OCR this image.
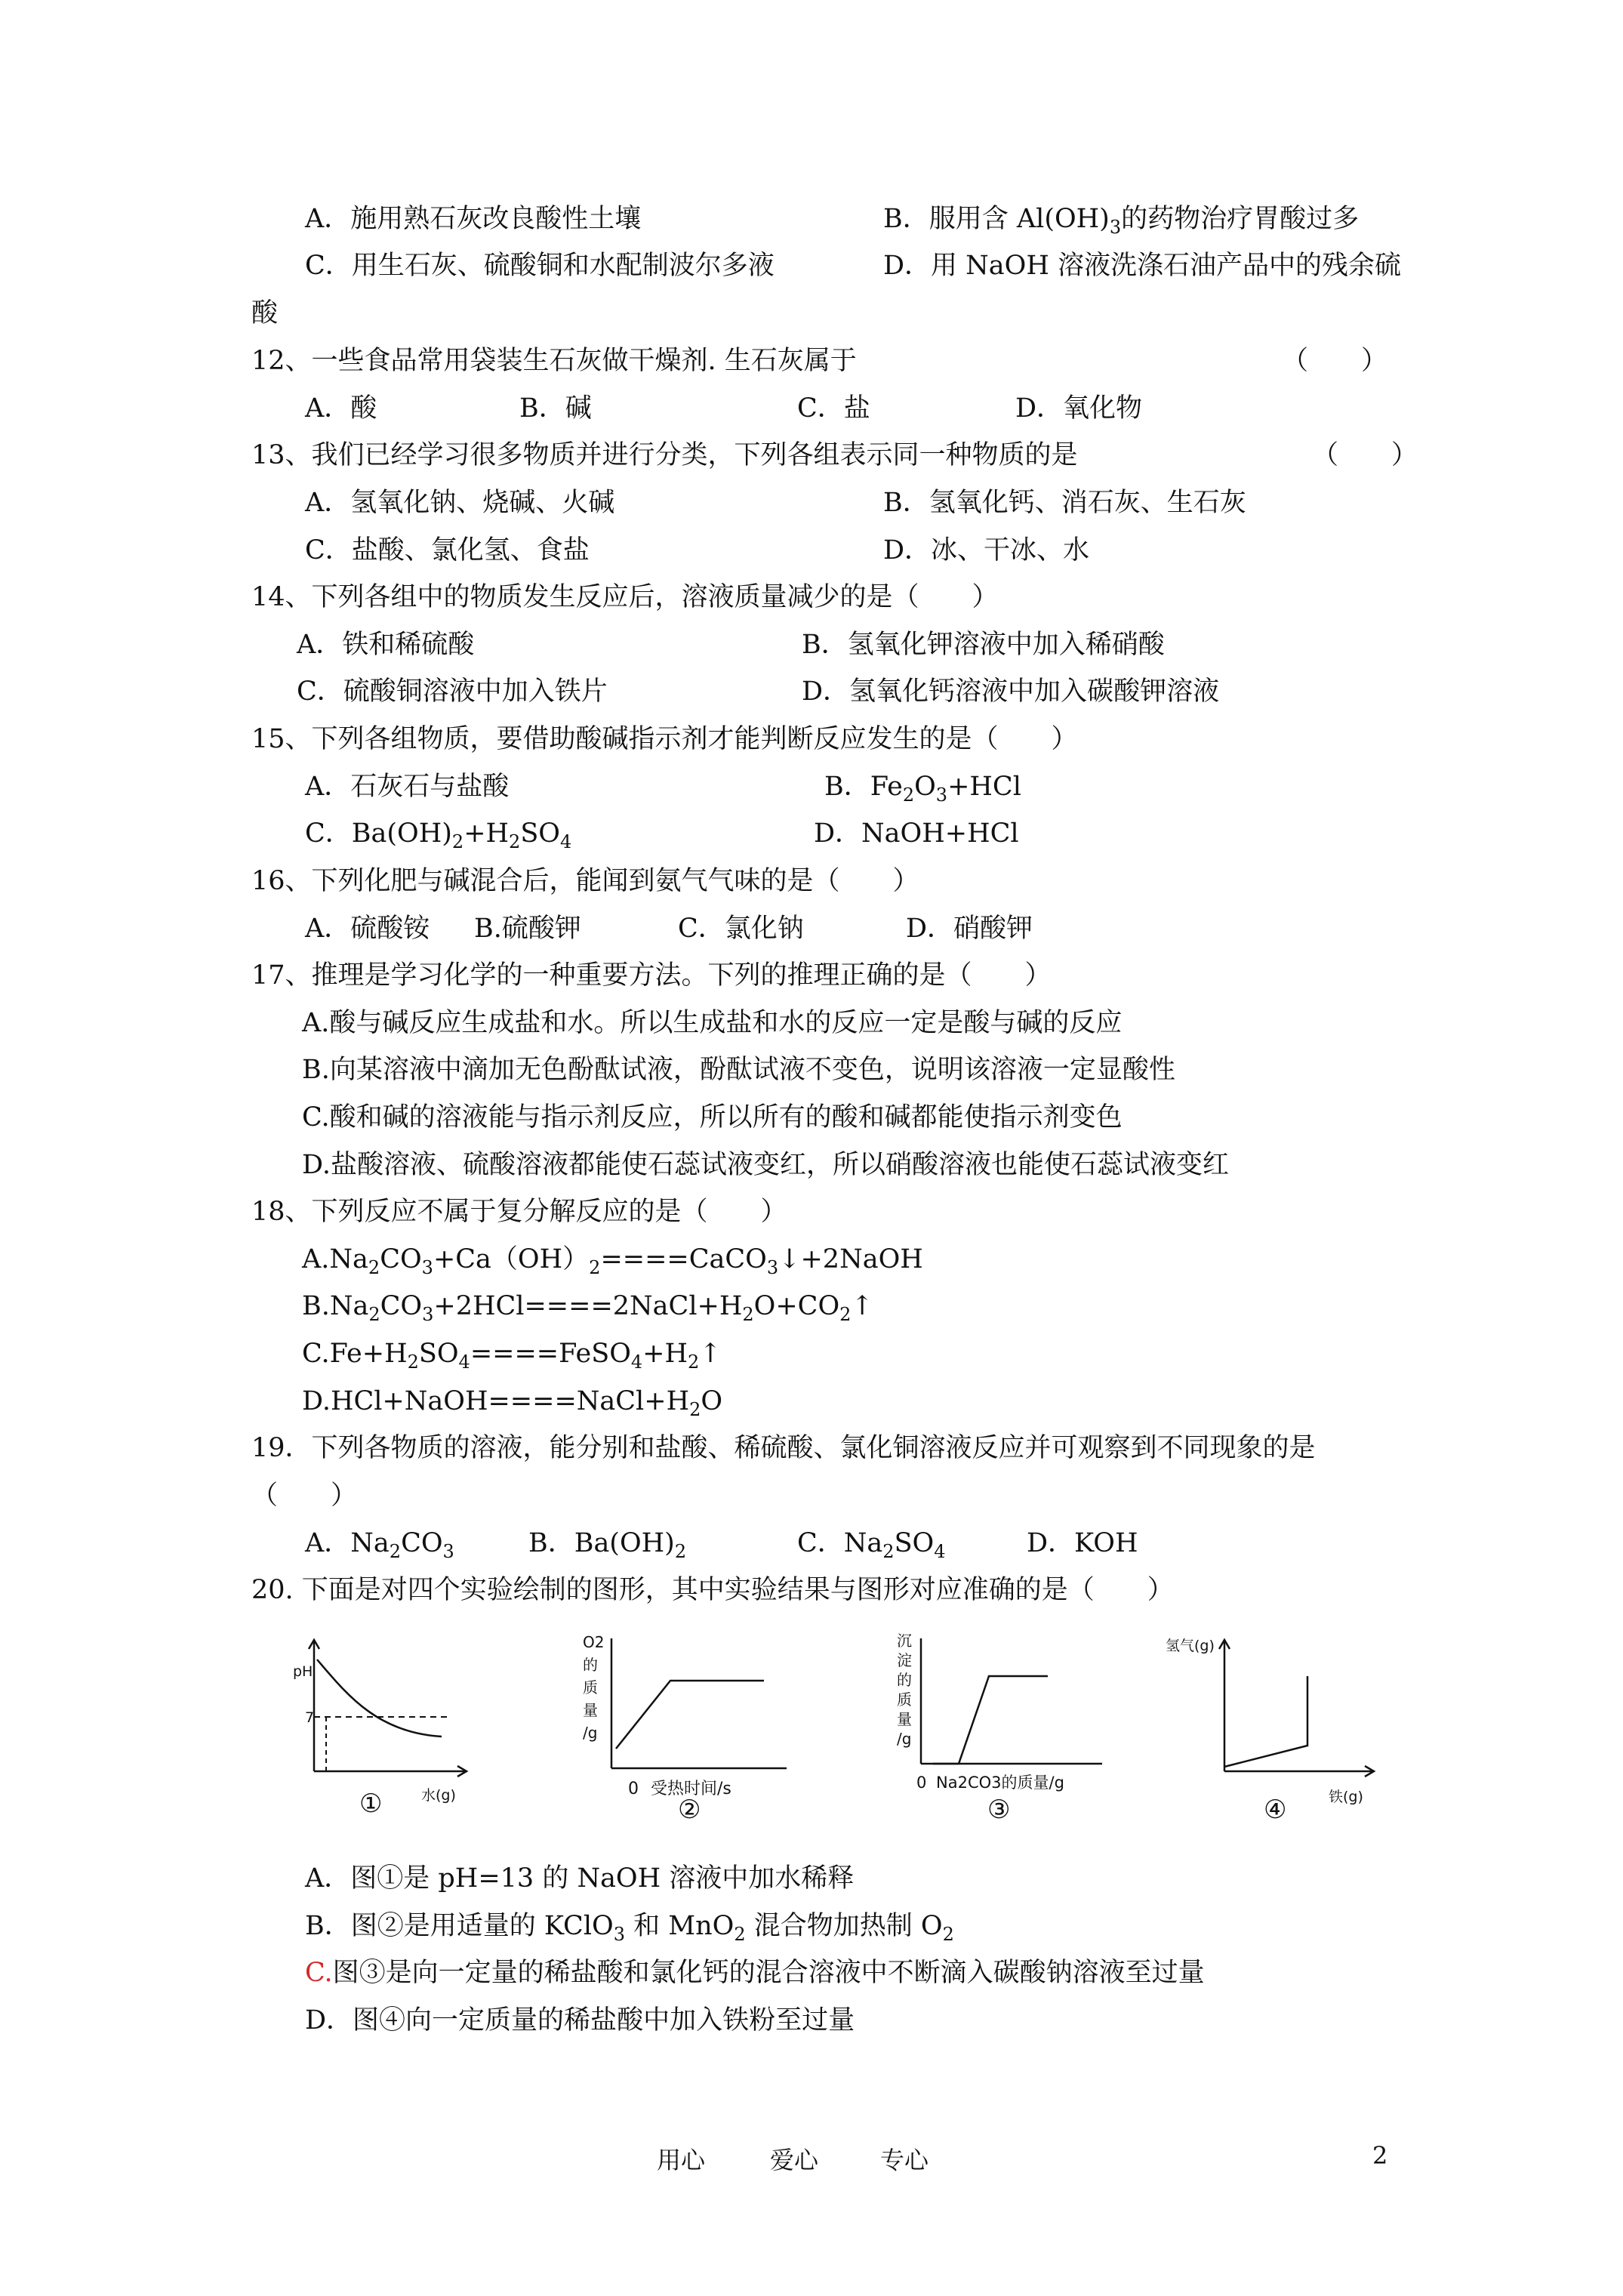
A．施用熟石灰改良酸性土壤	B．服用含 $Al(OH)_3$的药物治疗胃酸过多
C．用生石灰、硫酸铜和水配制波尔多液	D．用 NaOH 溶液洗涤石油产品中的残余硫
酸
12、一些食品常用袋装生石灰做干燥剂. 生石灰属于	（　　）
A．酸	B．碱	C．盐	D．氧化物
13、我们已经学习很多物质并进行分类，下列各组表示同一种物质的是	（　　）
A．氢氧化钠、烧碱、火碱	B．氢氧化钙、消石灰、生石灰
C．盐酸、氯化氢、食盐	D．冰、干冰、水
14、下列各组中的物质发生反应后，溶液质量减少的是（　　）
A．铁和稀硫酸	B．氢氧化钾溶液中加入稀硝酸
C．硫酸铜溶液中加入铁片	D．氢氧化钙溶液中加入碳酸钾溶液
15、下列各组物质，要借助酸碱指示剂才能判断反应发生的是（　　）
A．石灰石与盐酸	B．$Fe_2O_3+HCl$
C．$Ba(OH)_2+H_2SO_4$	D．NaOH+HCl
16、下列化肥与碱混合后，能闻到氨气气味的是（　　）
A．硫酸铵 B.硫酸钾	C．氯化钠	D．硝酸钾
17、推理是学习化学的一种重要方法。下列的推理正确的是（　　）
A.酸与碱反应生成盐和水。所以生成盐和水的反应一定是酸与碱的反应
B.向某溶液中滴加无色酚酞试液，酚酞试液不变色，说明该溶液一定显酸性
C.酸和碱的溶液能与指示剂反应，所以所有的酸和碱都能使指示剂变色
D.盐酸溶液、硫酸溶液都能使石蕊试液变红，所以硝酸溶液也能使石蕊试液变红
18、下列反应不属于复分解反应的是（　　）
$A.Na_2CO_3+Ca(OH)_2====CaCO_3↓+2NaOH$
$B.Na_2CO_3+2HCl====2NaCl+H_2O+CO_2↑$
$C.Fe+H_2SO_4====FeSO_4+H_2↑$
$D.HCl+NaOH====NaCl+H_2O$
19．下列各物质的溶液，能分别和盐酸、稀硫酸、氯化铜溶液反应并可观察到不同现象的是
（　　）
A．$Na_2CO_3$	B．$Ba(OH)_2$	C．$Na_2SO_4$	D．KOH
20. 下面是对四个实验绘制的图形，其中实验结果与图形对应准确的是（　　）
pH
7
水(g)
①
O2
的
质
量
/g
0 受热时间/s
②
沉
淀
的
质
量
/g
0 Na2CO3的质量/g
③
氢气(g)
铁(g)
④
A．图①是 pH=13 的 NaOH 溶液中加水稀释
B．图②是用适量的 KClO$_3$ 和 MnO$_2$ 混合物加热制 $O_2$
C.图③是向一定量的稀盐酸和氯化钙的混合溶液中不断滴入碳酸钠溶液至过量
D．图④向一定质量的稀盐酸中加入铁粉至过量
用心	爱心	专心	2
